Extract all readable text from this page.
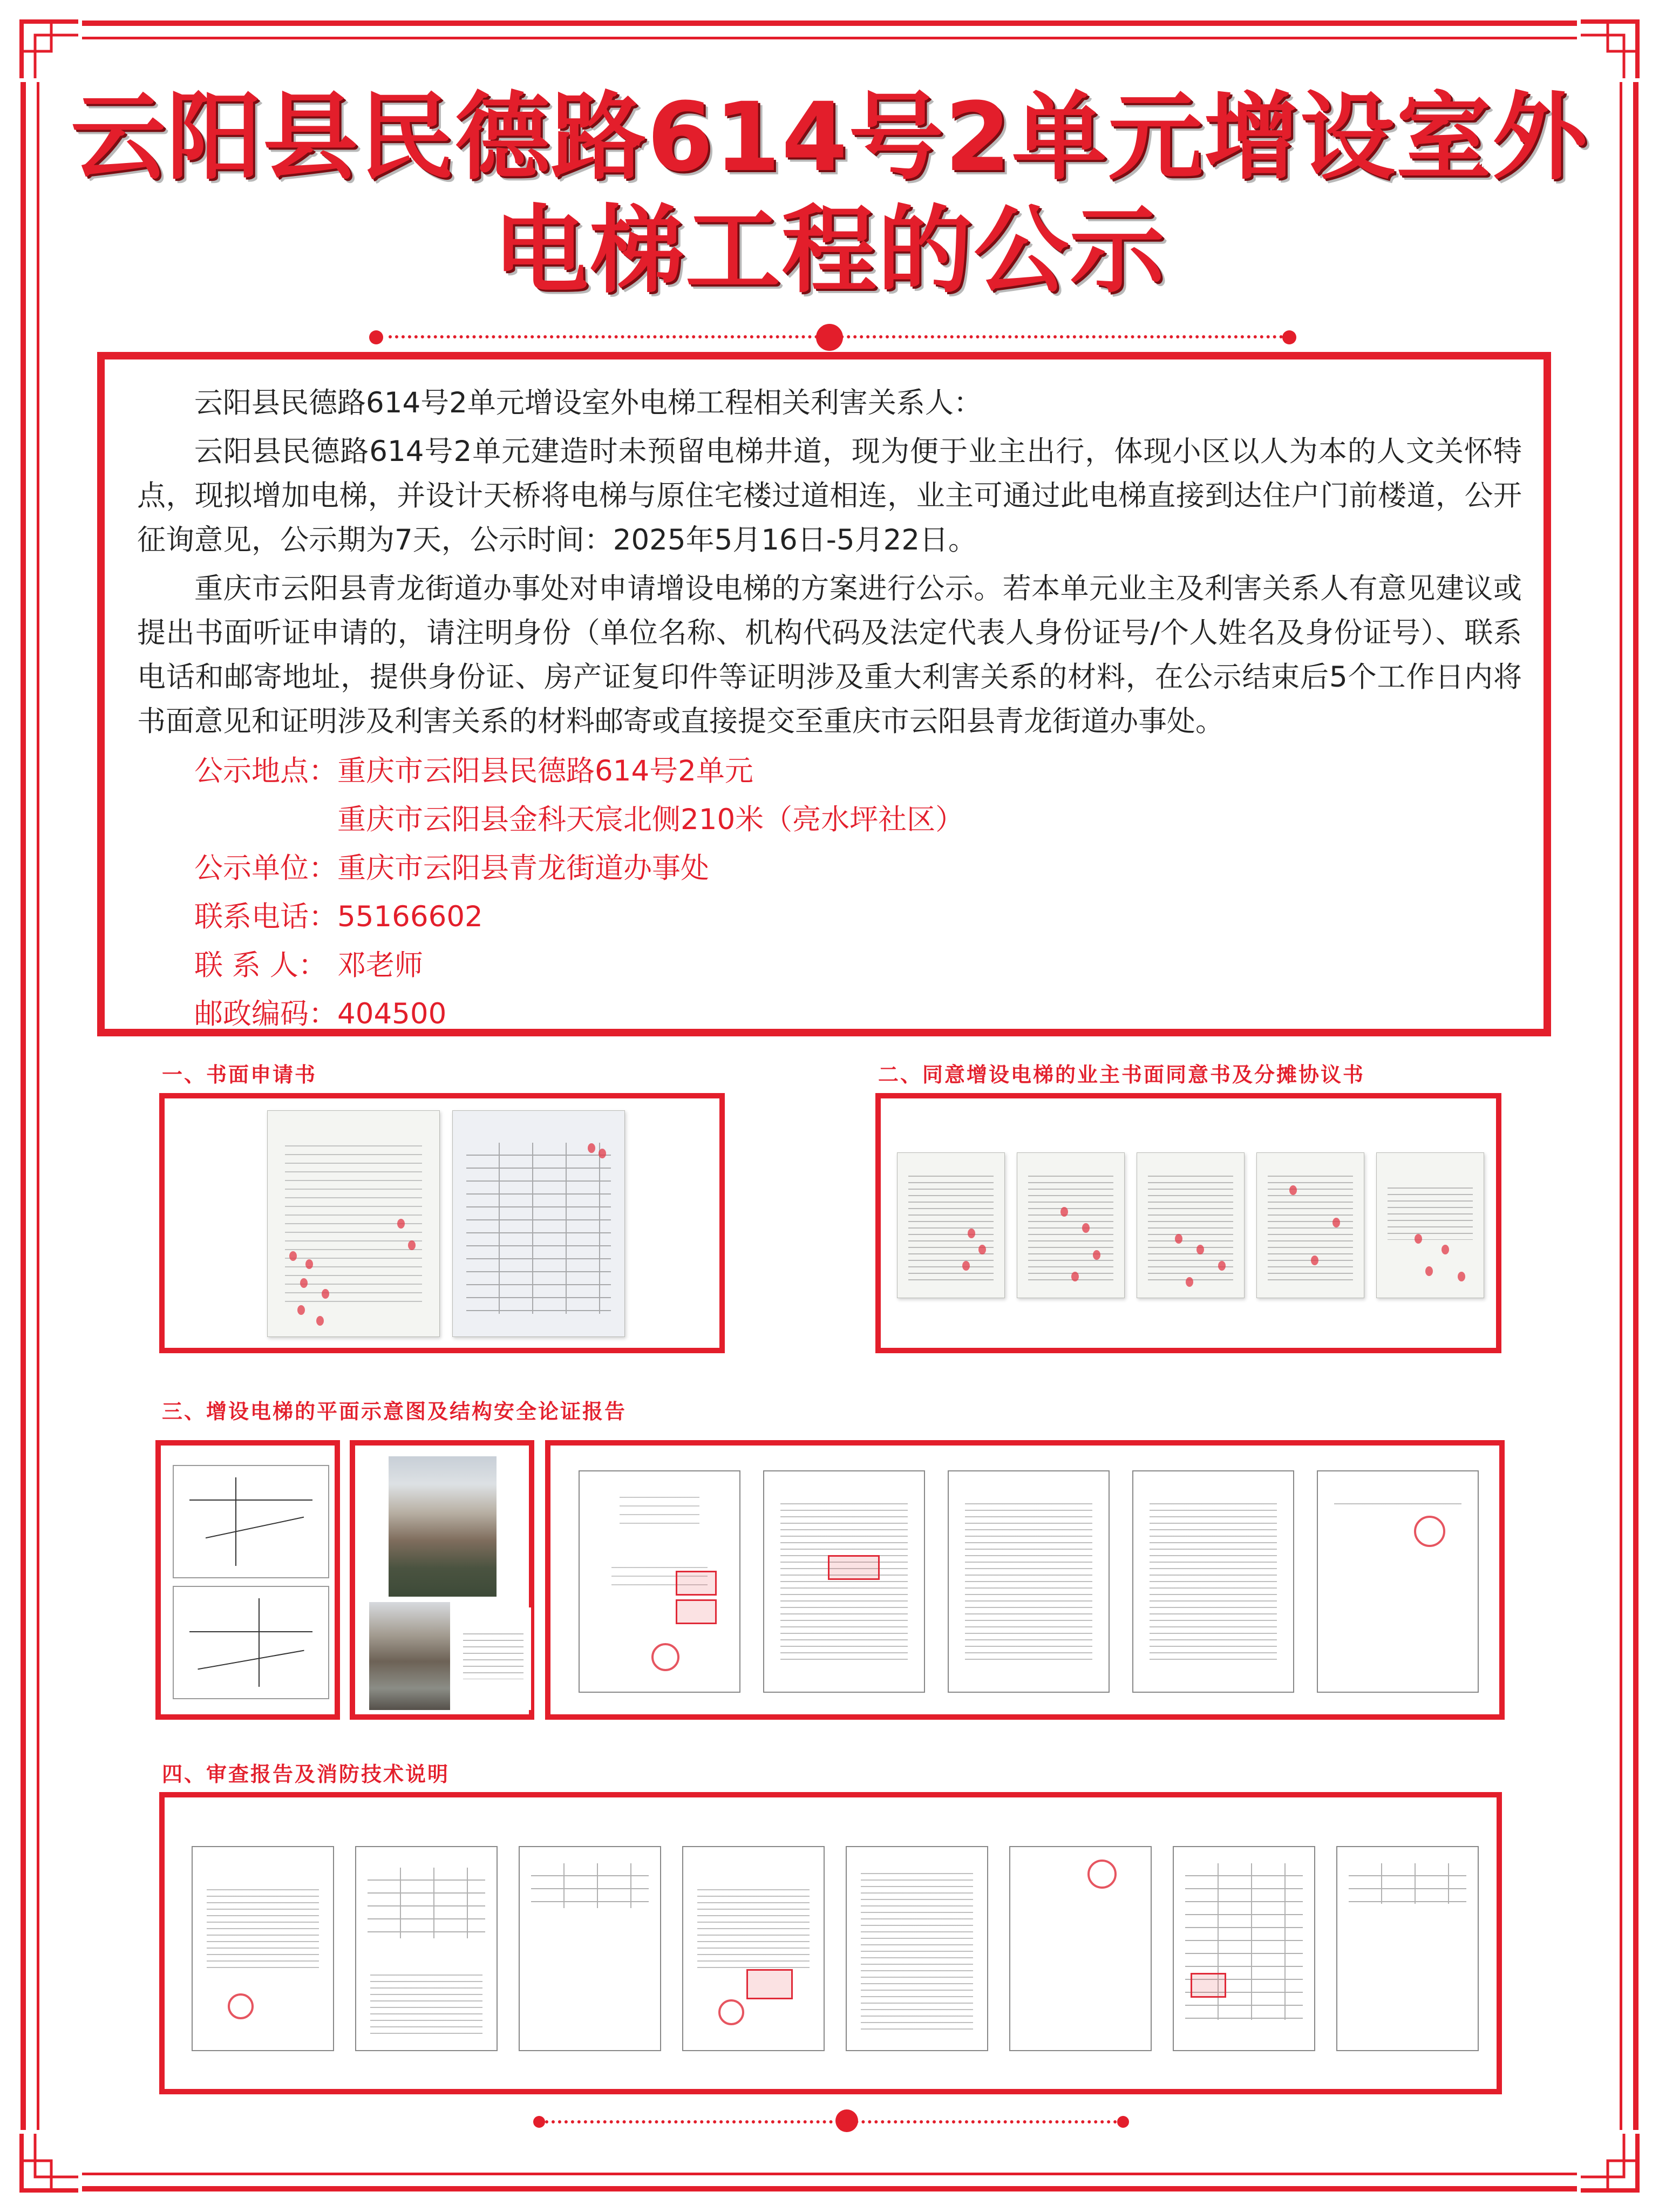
云阳县民德路614号2单元增设室外
电梯工程的公示

云阳县民德路614号2单元增设室外电梯工程相关利害关系人：

云阳县民德路614号2单元建造时未预留电梯井道，现为便于业主出行，体现小区以人为本的人文关怀特点，现拟增加电梯，并设计天桥将电梯与原住宅楼过道相连，业主可通过此电梯直接到达住户门前楼道，公开征询意见，公示期为7天，公示时间：2025年5月16日-5月22日。

重庆市云阳县青龙街道办事处对申请增设电梯的方案进行公示。若本单元业主及利害关系人有意见建议或提出书面听证申请的，请注明身份（单位名称、机构代码及法定代表人身份证号/个人姓名及身份证号）、联系电话和邮寄地址，提供身份证、房产证复印件等证明涉及重大利害关系的材料，在公示结束后5个工作日内将书面意见和证明涉及利害关系的材料邮寄或直接提交至重庆市云阳县青龙街道办事处。

公示地点：重庆市云阳县民德路614号2单元

重庆市云阳县金科天宸北侧210米（亮水坪社区）

公示单位：重庆市云阳县青龙街道办事处

联系电话：55166602

联 系 人： 邓老师

邮政编码：404500

一、书面申请书	二、同意增设电梯的业主书面同意书及分摊协议书
三、增设电梯的平面示意图及结构安全论证报告
四、审查报告及消防技术说明
